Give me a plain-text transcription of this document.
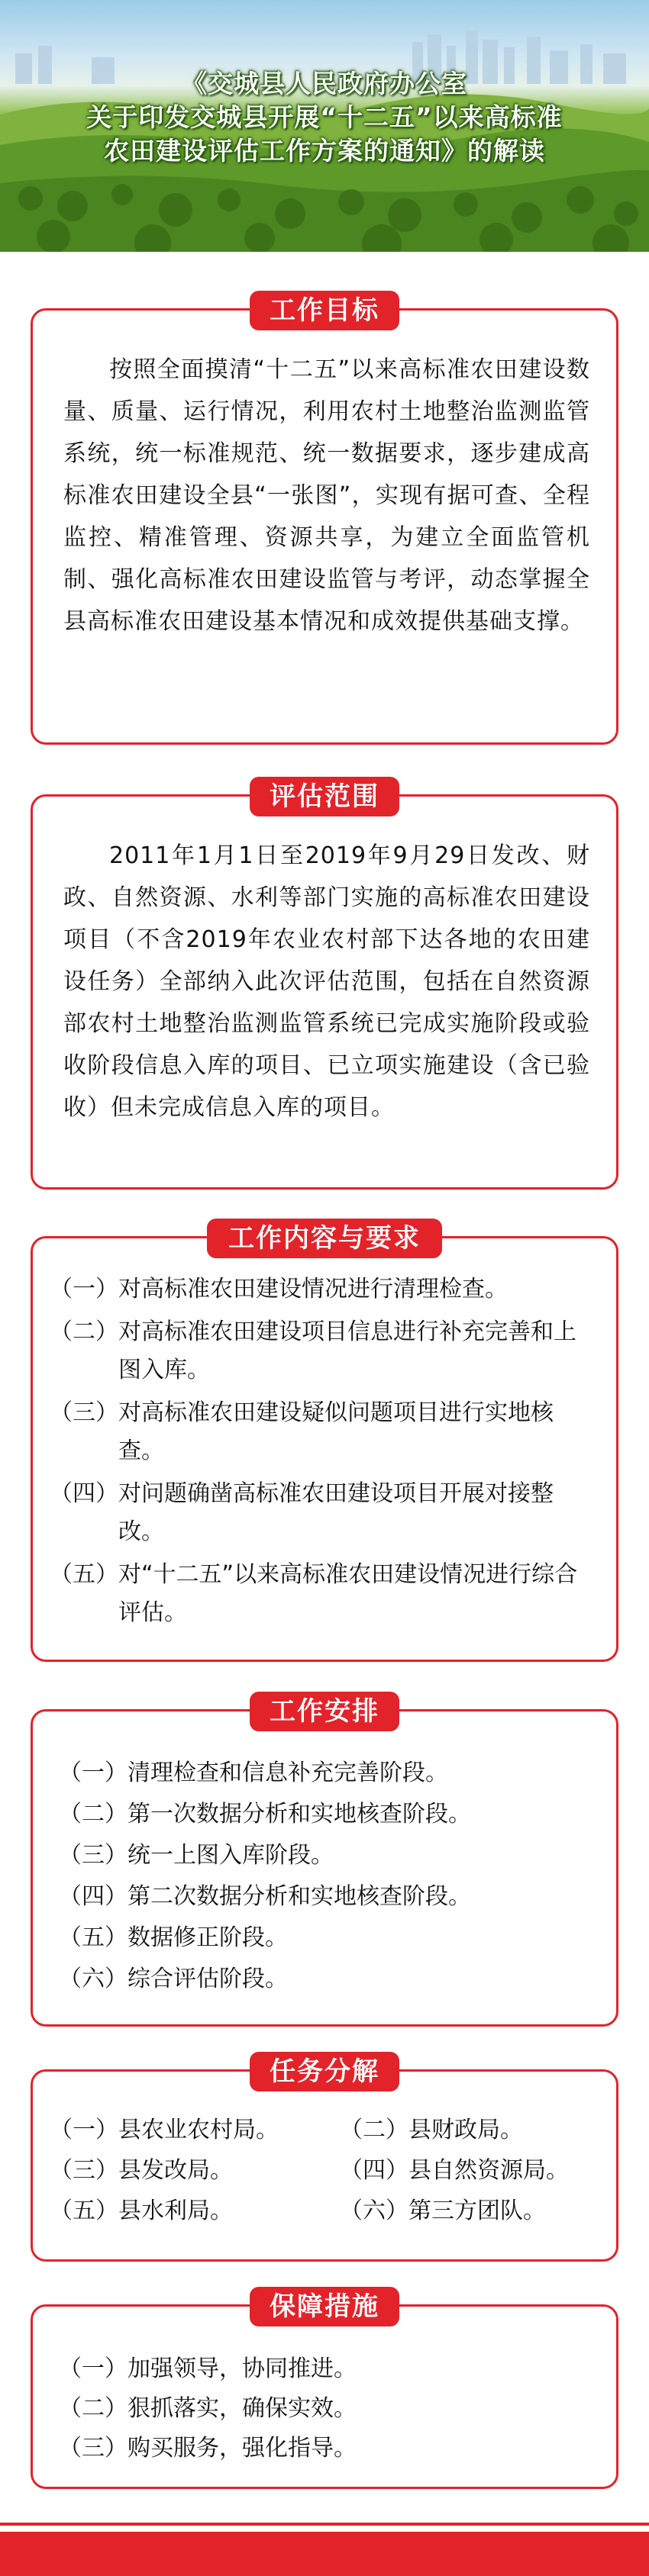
《交城县人民政府办公室
关于印发交城县开展“十二五”以来高标准
农田建设评估工作方案的通知》的解读
工作目标
按照全面摸清“十二五”以来高标准农田建设数量、质量、运行情况，利用农村土地整治监测监管系统，统一标准规范、统一数据要求，逐步建成高标准农田建设全县“一张图”，实现有据可查、全程监控、精准管理、资源共享，为建立全面监管机制、强化高标准农田建设监管与考评，动态掌握全县高标准农田建设基本情况和成效提供基础支撑。
评估范围
2011年1月1日至2019年9月29日发改、财政、自然资源、水利等部门实施的高标准农田建设项目（不含2019年农业农村部下达各地的农田建设任务）全部纳入此次评估范围，包括在自然资源部农村土地整治监测监管系统已完成实施阶段或验收阶段信息入库的项目、已立项实施建设（含已验收）但未完成信息入库的项目。
工作内容与要求
（一） 对高标准农田建设情况进行清理检查。
（二） 对高标准农田建设项目信息进行补充完善和上图入库。
（三） 对高标准农田建设疑似问题项目进行实地核查。
（四） 对问题确凿高标准农田建设项目开展对接整改。
（五） 对“十二五”以来高标准农田建设情况进行综合评估。
工作安排
（一）清理检查和信息补充完善阶段。
（二）第一次数据分析和实地核查阶段。
（三）统一上图入库阶段。
（四）第二次数据分析和实地核查阶段。
（五）数据修正阶段。
（六）综合评估阶段。
任务分解
（一）县农业农村局。	（二）县财政局。
（三）县发改局。	（四）县自然资源局。
（五）县水利局。	（六）第三方团队。
保障措施
（一）加强领导，协同推进。
（二）狠抓落实，确保实效。
（三）购买服务，强化指导。
